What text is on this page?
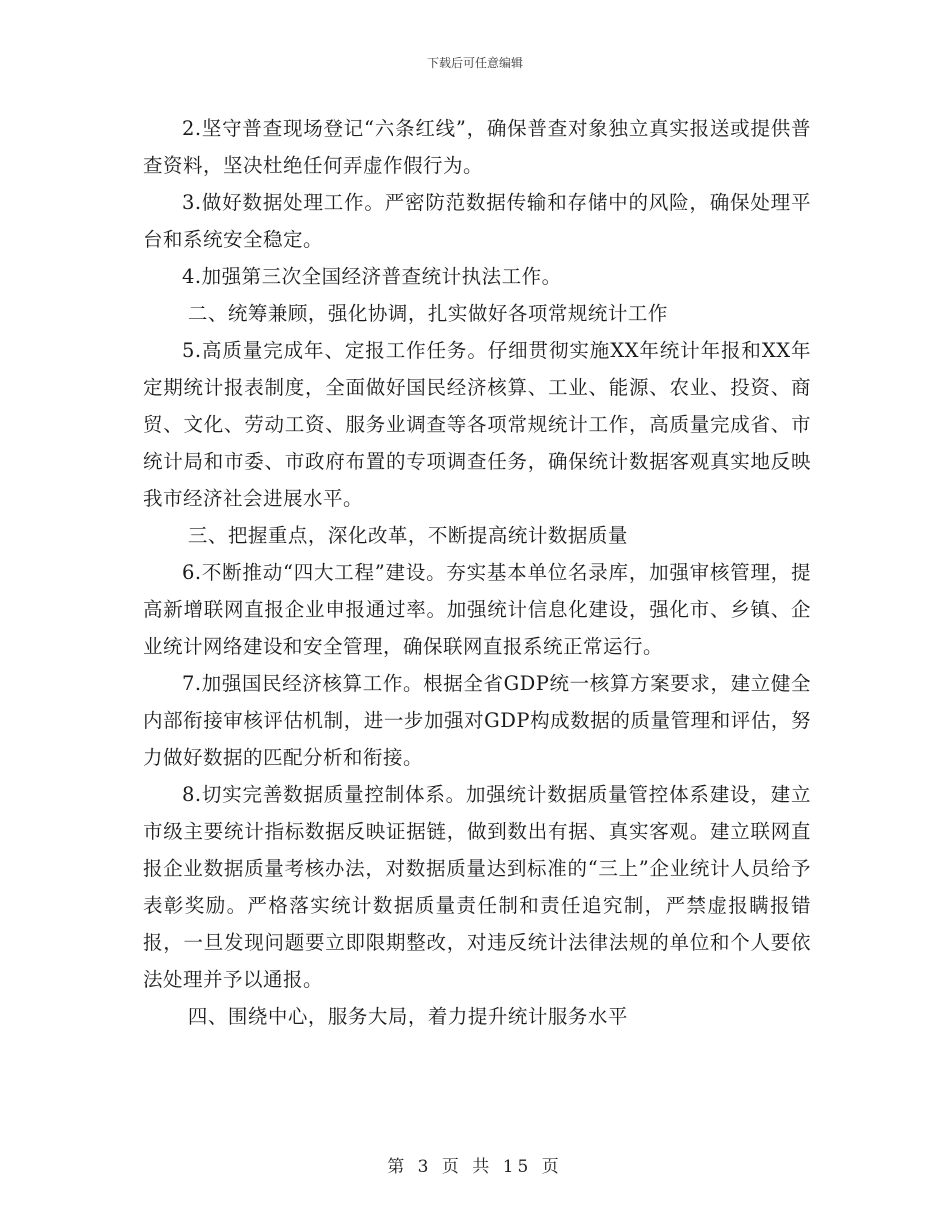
下载后可任意编辑

2.坚守普查现场登记“六条红线”，确保普查对象独立真实报送或提供普查资料，坚决杜绝任何弄虚作假行为。

3.做好数据处理工作。严密防范数据传输和存储中的风险，确保处理平台和系统安全稳定。

4.加强第三次全国经济普查统计执法工作。

二、统筹兼顾，强化协调，扎实做好各项常规统计工作

5.高质量完成年、定报工作任务。仔细贯彻实施XX年统计年报和XX年定期统计报表制度，全面做好国民经济核算、工业、能源、农业、投资、商贸、文化、劳动工资、服务业调查等各项常规统计工作，高质量完成省、市统计局和市委、市政府布置的专项调查任务，确保统计数据客观真实地反映我市经济社会进展水平。

三、把握重点，深化改革，不断提高统计数据质量

6.不断推动“四大工程”建设。夯实基本单位名录库，加强审核管理，提高新增联网直报企业申报通过率。加强统计信息化建设，强化市、乡镇、企业统计网络建设和安全管理，确保联网直报系统正常运行。

7.加强国民经济核算工作。根据全省GDP统一核算方案要求，建立健全内部衔接审核评估机制，进一步加强对GDP构成数据的质量管理和评估，努力做好数据的匹配分析和衔接。

8.切实完善数据质量控制体系。加强统计数据质量管控体系建设，建立市级主要统计指标数据反映证据链，做到数出有据、真实客观。建立联网直报企业数据质量考核办法，对数据质量达到标准的“三上”企业统计人员给予表彰奖励。严格落实统计数据质量责任制和责任追究制，严禁虚报瞒报错报，一旦发现问题要立即限期整改，对违反统计法律法规的单位和个人要依法处理并予以通报。

四、围绕中心，服务大局，着力提升统计服务水平

第 3 页 共 15 页
